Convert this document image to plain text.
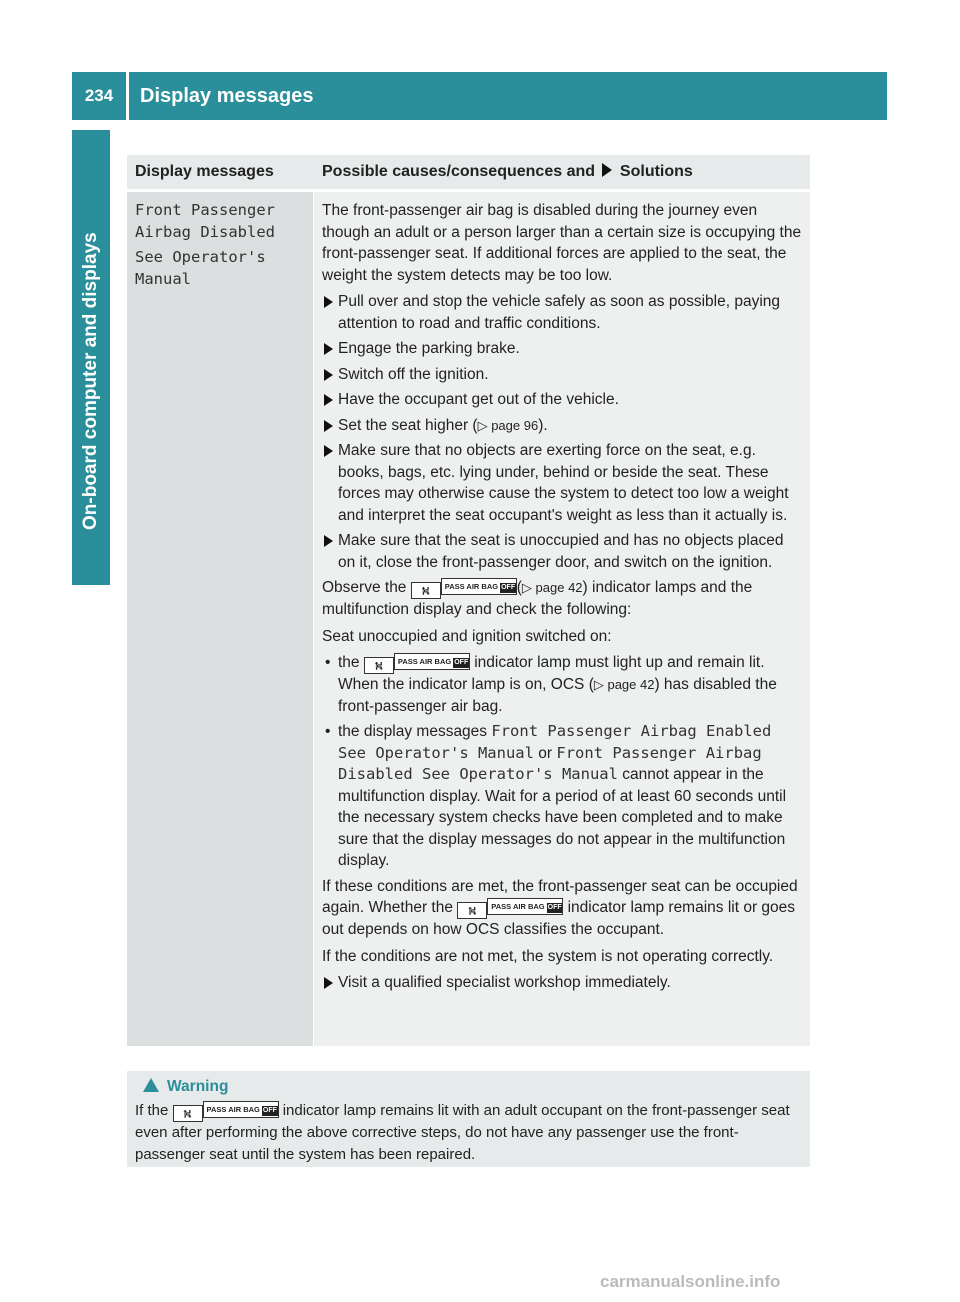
234	Display messages
On-board computer and displays
Display messages	Possible causes/consequences and Solutions

Front Passenger
Airbag Disabled

See Operator's
Manual

The front-passenger air bag is disabled during the journey even though an adult or a person larger than a certain size is occupying the front-passenger seat. If additional forces are applied to the seat, the weight the system detects may be too low.

Pull over and stop the vehicle safely as soon as possible, paying attention to road and traffic conditions.
Engage the parking brake.
Switch off the ignition.
Have the occupant get out of the vehicle.
Set the seat higher (▷ page 96).
Make sure that no objects are exerting force on the seat, e.g. books, bags, etc. lying under, behind or beside the seat. These forces may otherwise cause the system to detect too low a weight and interpret the seat occupant's weight as less than it actually is.
Make sure that the seat is unoccupied and has no objects placed on it, close the front-passenger door, and switch on the ignition.

Observe the ⛕ PASS AIR BAG OFF (▷ page 42) indicator lamps and the multifunction display and check the following:

Seat unoccupied and ignition switched on:

• the ⛕ PASS AIR BAG OFF indicator lamp must light up and remain lit. When the indicator lamp is on, OCS (▷ page 42) has disabled the front-passenger air bag.
• the display messages Front Passenger Airbag Enabled See Operator's Manual or Front Passenger Airbag Disabled See Operator's Manual cannot appear in the multifunction display. Wait for a period of at least 60 seconds until the necessary system checks have been completed and to make sure that the display messages do not appear in the multifunction display.

If these conditions are met, the front-passenger seat can be occupied again. Whether the ⛕ PASS AIR BAG OFF indicator lamp remains lit or goes out depends on how OCS classifies the occupant.

If the conditions are not met, the system is not operating correctly.

Visit a qualified specialist workshop immediately.
Warning
If the ⛕ PASS AIR BAG OFF indicator lamp remains lit with an adult occupant on the front-passenger seat even after performing the above corrective steps, do not have any passenger use the front-passenger seat until the system has been repaired.
carmanualsonline.info
